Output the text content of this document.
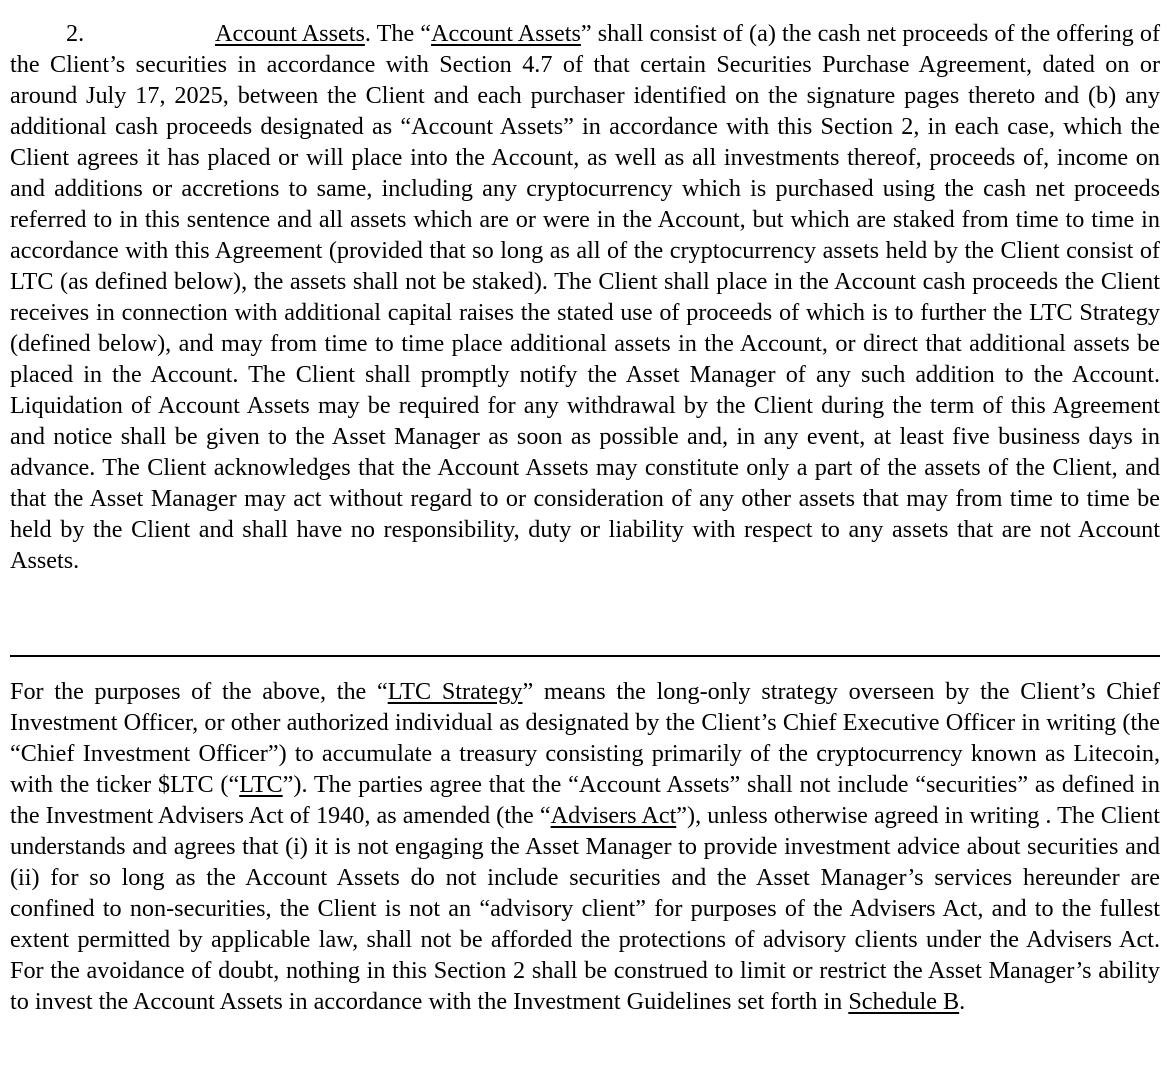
2.	Account Assets. The “Account Assets” shall consist of (a) the cash net proceeds of the offering of the Client’s securities in accordance with Section 4.7 of that certain Securities Purchase Agreement, dated on or around July 17, 2025, between the Client and each purchaser identified on the signature pages thereto and (b) any additional cash proceeds designated as “Account Assets” in accordance with this Section 2, in each case, which the Client agrees it has placed or will place into the Account, as well as all investments thereof, proceeds of, income on and additions or accretions to same, including any cryptocurrency which is purchased using the cash net proceeds referred to in this sentence and all assets which are or were in the Account, but which are staked from time to time in accordance with this Agreement (provided that so long as all of the cryptocurrency assets held by the Client consist of LTC (as defined below), the assets shall not be staked). The Client shall place in the Account cash proceeds the Client receives in connection with additional capital raises the stated use of proceeds of which is to further the LTC Strategy (defined below), and may from time to time place additional assets in the Account, or direct that additional assets be placed in the Account. The Client shall promptly notify the Asset Manager of any such addition to the Account. Liquidation of Account Assets may be required for any withdrawal by the Client during the term of this Agreement and notice shall be given to the Asset Manager as soon as possible and, in any event, at least five business days in advance. The Client acknowledges that the Account Assets may constitute only a part of the assets of the Client, and that the Asset Manager may act without regard to or consideration of any other assets that may from time to time be held by the Client and shall have no responsibility, duty or liability with respect to any assets that are not Account Assets.

For the purposes of the above, the “LTC Strategy” means the long-only strategy overseen by the Client’s Chief Investment Officer, or other authorized individual as designated by the Client’s Chief Executive Officer in writing (the “Chief Investment Officer”) to accumulate a treasury consisting primarily of the cryptocurrency known as Litecoin, with the ticker $LTC (“LTC”). The parties agree that the “Account Assets” shall not include “securities” as defined in the Investment Advisers Act of 1940, as amended (the “Advisers Act”), unless otherwise agreed in writing . The Client understands and agrees that (i) it is not engaging the Asset Manager to provide investment advice about securities and (ii) for so long as the Account Assets do not include securities and the Asset Manager’s services hereunder are confined to non-securities, the Client is not an “advisory client” for purposes of the Advisers Act, and to the fullest extent permitted by applicable law, shall not be afforded the protections of advisory clients under the Advisers Act. For the avoidance of doubt, nothing in this Section 2 shall be construed to limit or restrict the Asset Manager’s ability to invest the Account Assets in accordance with the Investment Guidelines set forth in Schedule B.
